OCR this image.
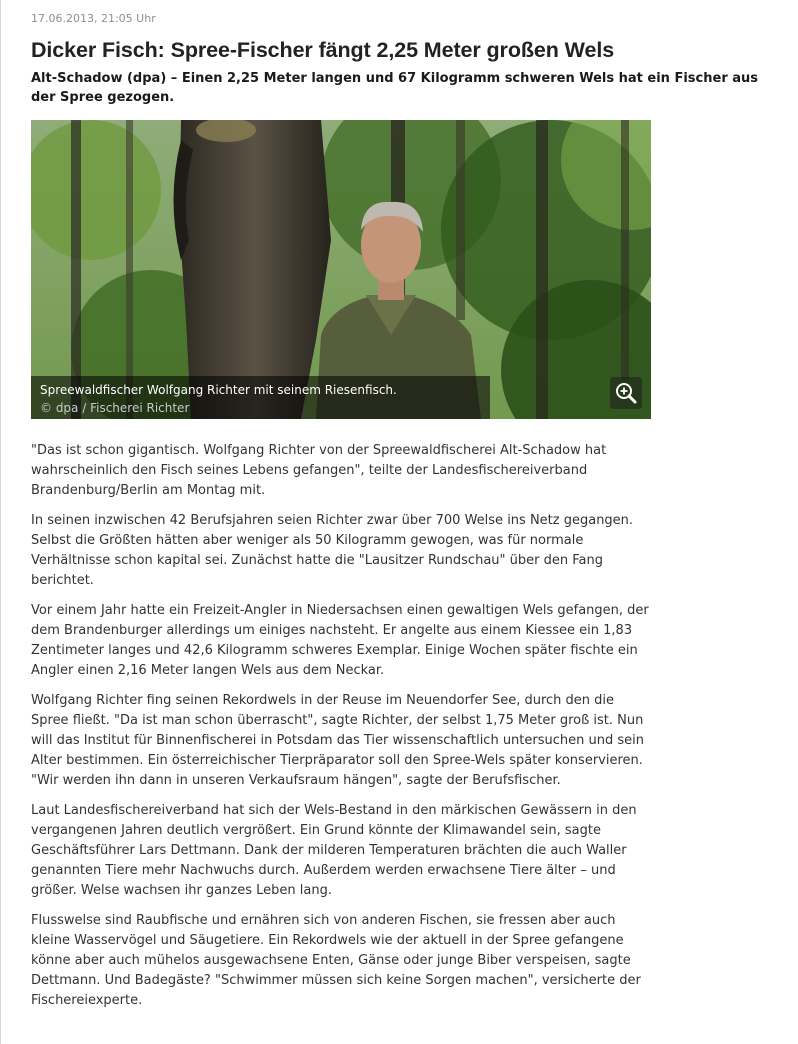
17.06.2013, 21:05 Uhr
Dicker Fisch: Spree-Fischer fängt 2,25 Meter großen Wels

Alt-Schadow (dpa) – Einen 2,25 Meter langen und 67 Kilogramm schweren Wels hat ein Fischer aus der Spree gezogen.

Spreewaldfischer Wolfgang Richter mit seinem Riesenfisch.
© dpa / Fischerei Richter

"Das ist schon gigantisch. Wolfgang Richter von der Spreewaldfischerei Alt-Schadow hat wahrscheinlich den Fisch seines Lebens gefangen", teilte der Landesfischereiverband Brandenburg/Berlin am Montag mit.

In seinen inzwischen 42 Berufsjahren seien Richter zwar über 700 Welse ins Netz gegangen. Selbst die Größten hätten aber weniger als 50 Kilogramm gewogen, was für normale Verhältnisse schon kapital sei. Zunächst hatte die "Lausitzer Rundschau" über den Fang berichtet.

Vor einem Jahr hatte ein Freizeit-Angler in Niedersachsen einen gewaltigen Wels gefangen, der dem Brandenburger allerdings um einiges nachsteht. Er angelte aus einem Kiessee ein 1,83 Zentimeter langes und 42,6 Kilogramm schweres Exemplar. Einige Wochen später fischte ein Angler einen 2,16 Meter langen Wels aus dem Neckar.

Wolfgang Richter fing seinen Rekordwels in der Reuse im Neuendorfer See, durch den die Spree fließt. "Da ist man schon überrascht", sagte Richter, der selbst 1,75 Meter groß ist. Nun will das Institut für Binnenfischerei in Potsdam das Tier wissenschaftlich untersuchen und sein Alter bestimmen. Ein österreichischer Tierpräparator soll den Spree-Wels später konservieren. "Wir werden ihn dann in unseren Verkaufsraum hängen", sagte der Berufsfischer.

Laut Landesfischereiverband hat sich der Wels-Bestand in den märkischen Gewässern in den vergangenen Jahren deutlich vergrößert. Ein Grund könnte der Klimawandel sein, sagte Geschäftsführer Lars Dettmann. Dank der milderen Temperaturen brächten die auch Waller genannten Tiere mehr Nachwuchs durch. Außerdem werden erwachsene Tiere älter – und größer. Welse wachsen ihr ganzes Leben lang.

Flusswelse sind Raubfische und ernähren sich von anderen Fischen, sie fressen aber auch kleine Wasservögel und Säugetiere. Ein Rekordwels wie der aktuell in der Spree gefangene könne aber auch mühelos ausgewachsene Enten, Gänse oder junge Biber verspeisen, sagte Dettmann. Und Badegäste? "Schwimmer müssen sich keine Sorgen machen", versicherte der Fischereiexperte.
